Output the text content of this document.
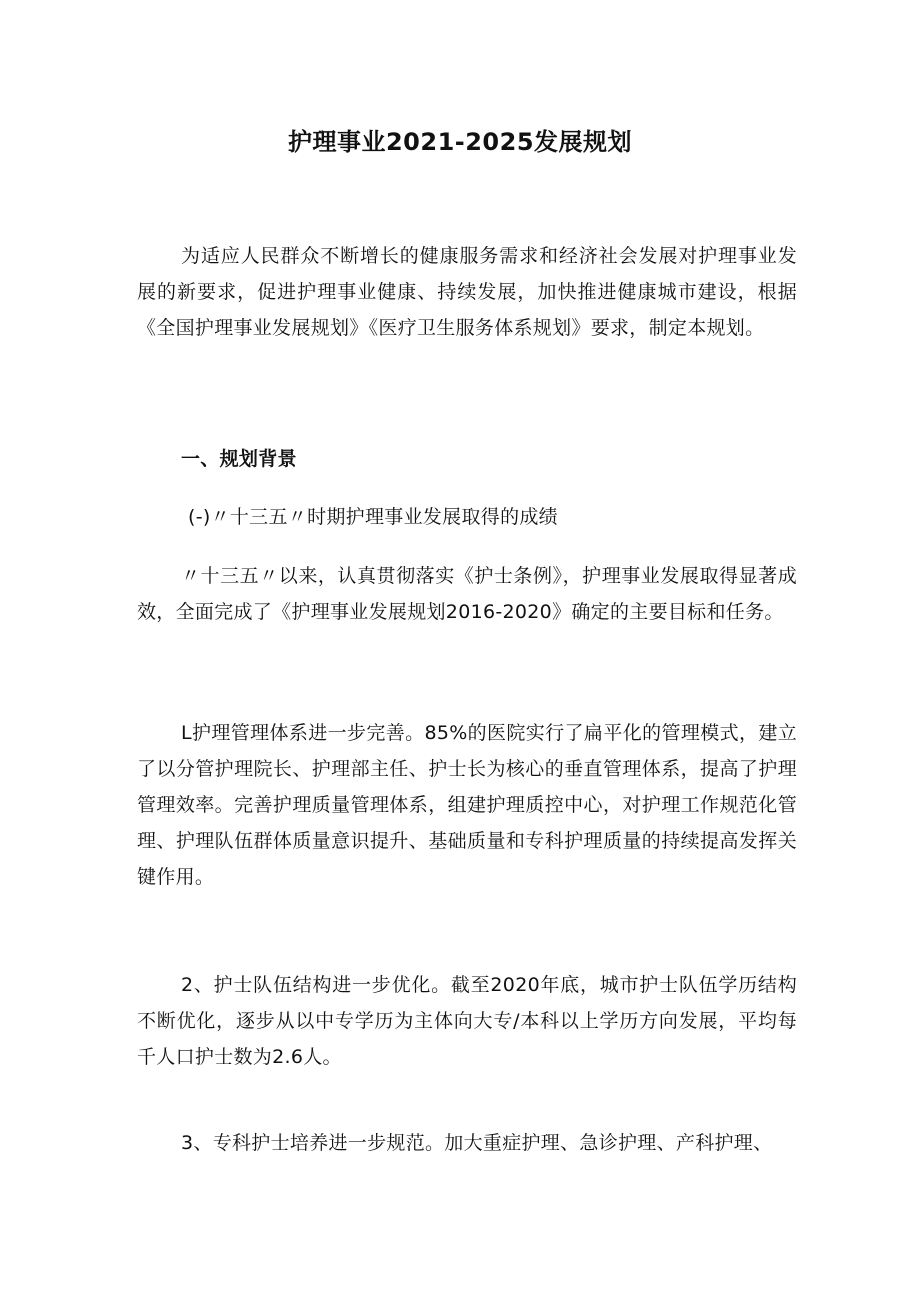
护理事业2021-2025发展规划
为适应人民群众不断增长的健康服务需求和经济社会发展对护理事业发展的新要求，促进护理事业健康、持续发展，加快推进健康城市建设，根据《全国护理事业发展规划》《医疗卫生服务体系规划》要求，制定本规划。
一、规划背景
(-)〃十三五〃时期护理事业发展取得的成绩
〃十三五〃以来，认真贯彻落实《护士条例》，护理事业发展取得显著成效，全面完成了《护理事业发展规划2016-2020》确定的主要目标和任务。
L护理管理体系进一步完善。85%的医院实行了扁平化的管理模式，建立了以分管护理院长、护理部主任、护士长为核心的垂直管理体系，提高了护理管理效率。完善护理质量管理体系，组建护理质控中心，对护理工作规范化管理、护理队伍群体质量意识提升、基础质量和专科护理质量的持续提高发挥关键作用。
2、护士队伍结构进一步优化。截至2020年底，城市护士队伍学历结构不断优化，逐步从以中专学历为主体向大专/本科以上学历方向发展，平均每千人口护士数为2.6人。
3、专科护士培养进一步规范。加大重症护理、急诊护理、产科护理、
